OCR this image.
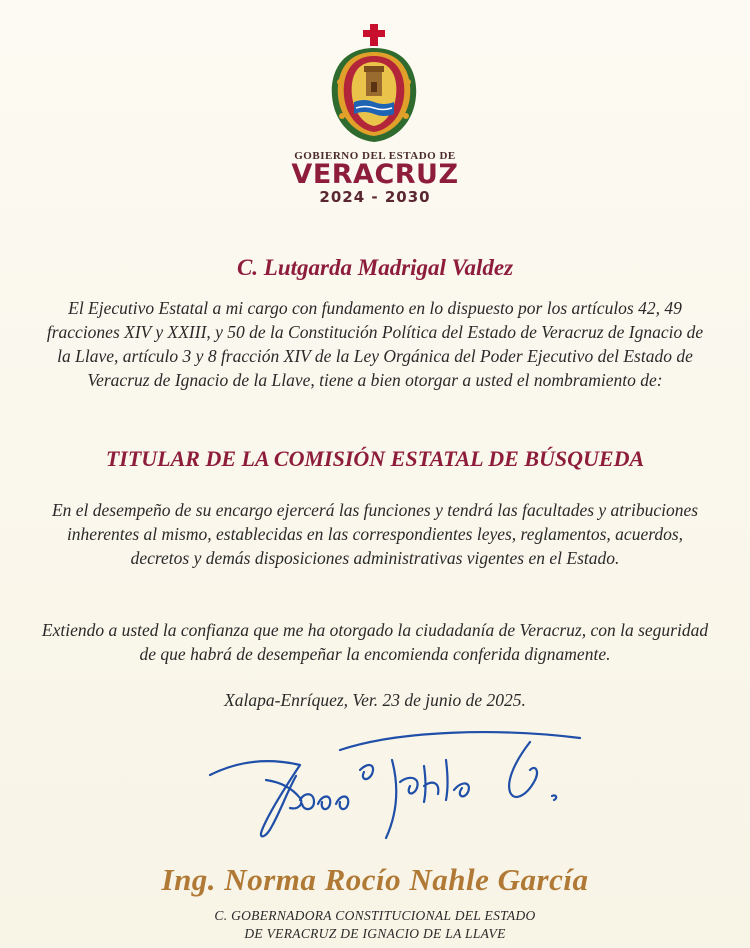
GOBIERNO DEL ESTADO DE
VERACRUZ
2024 - 2030
C. Lutgarda Madrigal Valdez
El Ejecutivo Estatal a mi cargo con fundamento en lo dispuesto por los artículos 42, 49 fracciones XIV y XXIII, y 50 de la Constitución Política del Estado de Veracruz de Ignacio de la Llave, artículo 3 y 8 fracción XIV de la Ley Orgánica del Poder Ejecutivo del Estado de Veracruz de Ignacio de la Llave, tiene a bien otorgar a usted el nombramiento de:
TITULAR DE LA COMISIÓN ESTATAL DE BÚSQUEDA
En el desempeño de su encargo ejercerá las funciones y tendrá las facultades y atribuciones inherentes al mismo, establecidas en las correspondientes leyes, reglamentos, acuerdos, decretos y demás disposiciones administrativas vigentes en el Estado.
Extiendo a usted la confianza que me ha otorgado la ciudadanía de Veracruz, con la seguridad de que habrá de desempeñar la encomienda conferida dignamente.
Xalapa-Enríquez, Ver. 23 de junio de 2025.
Ing. Norma Rocío Nahle García
C. GOBERNADORA CONSTITUCIONAL DEL ESTADO
DE VERACRUZ DE IGNACIO DE LA LLAVE
